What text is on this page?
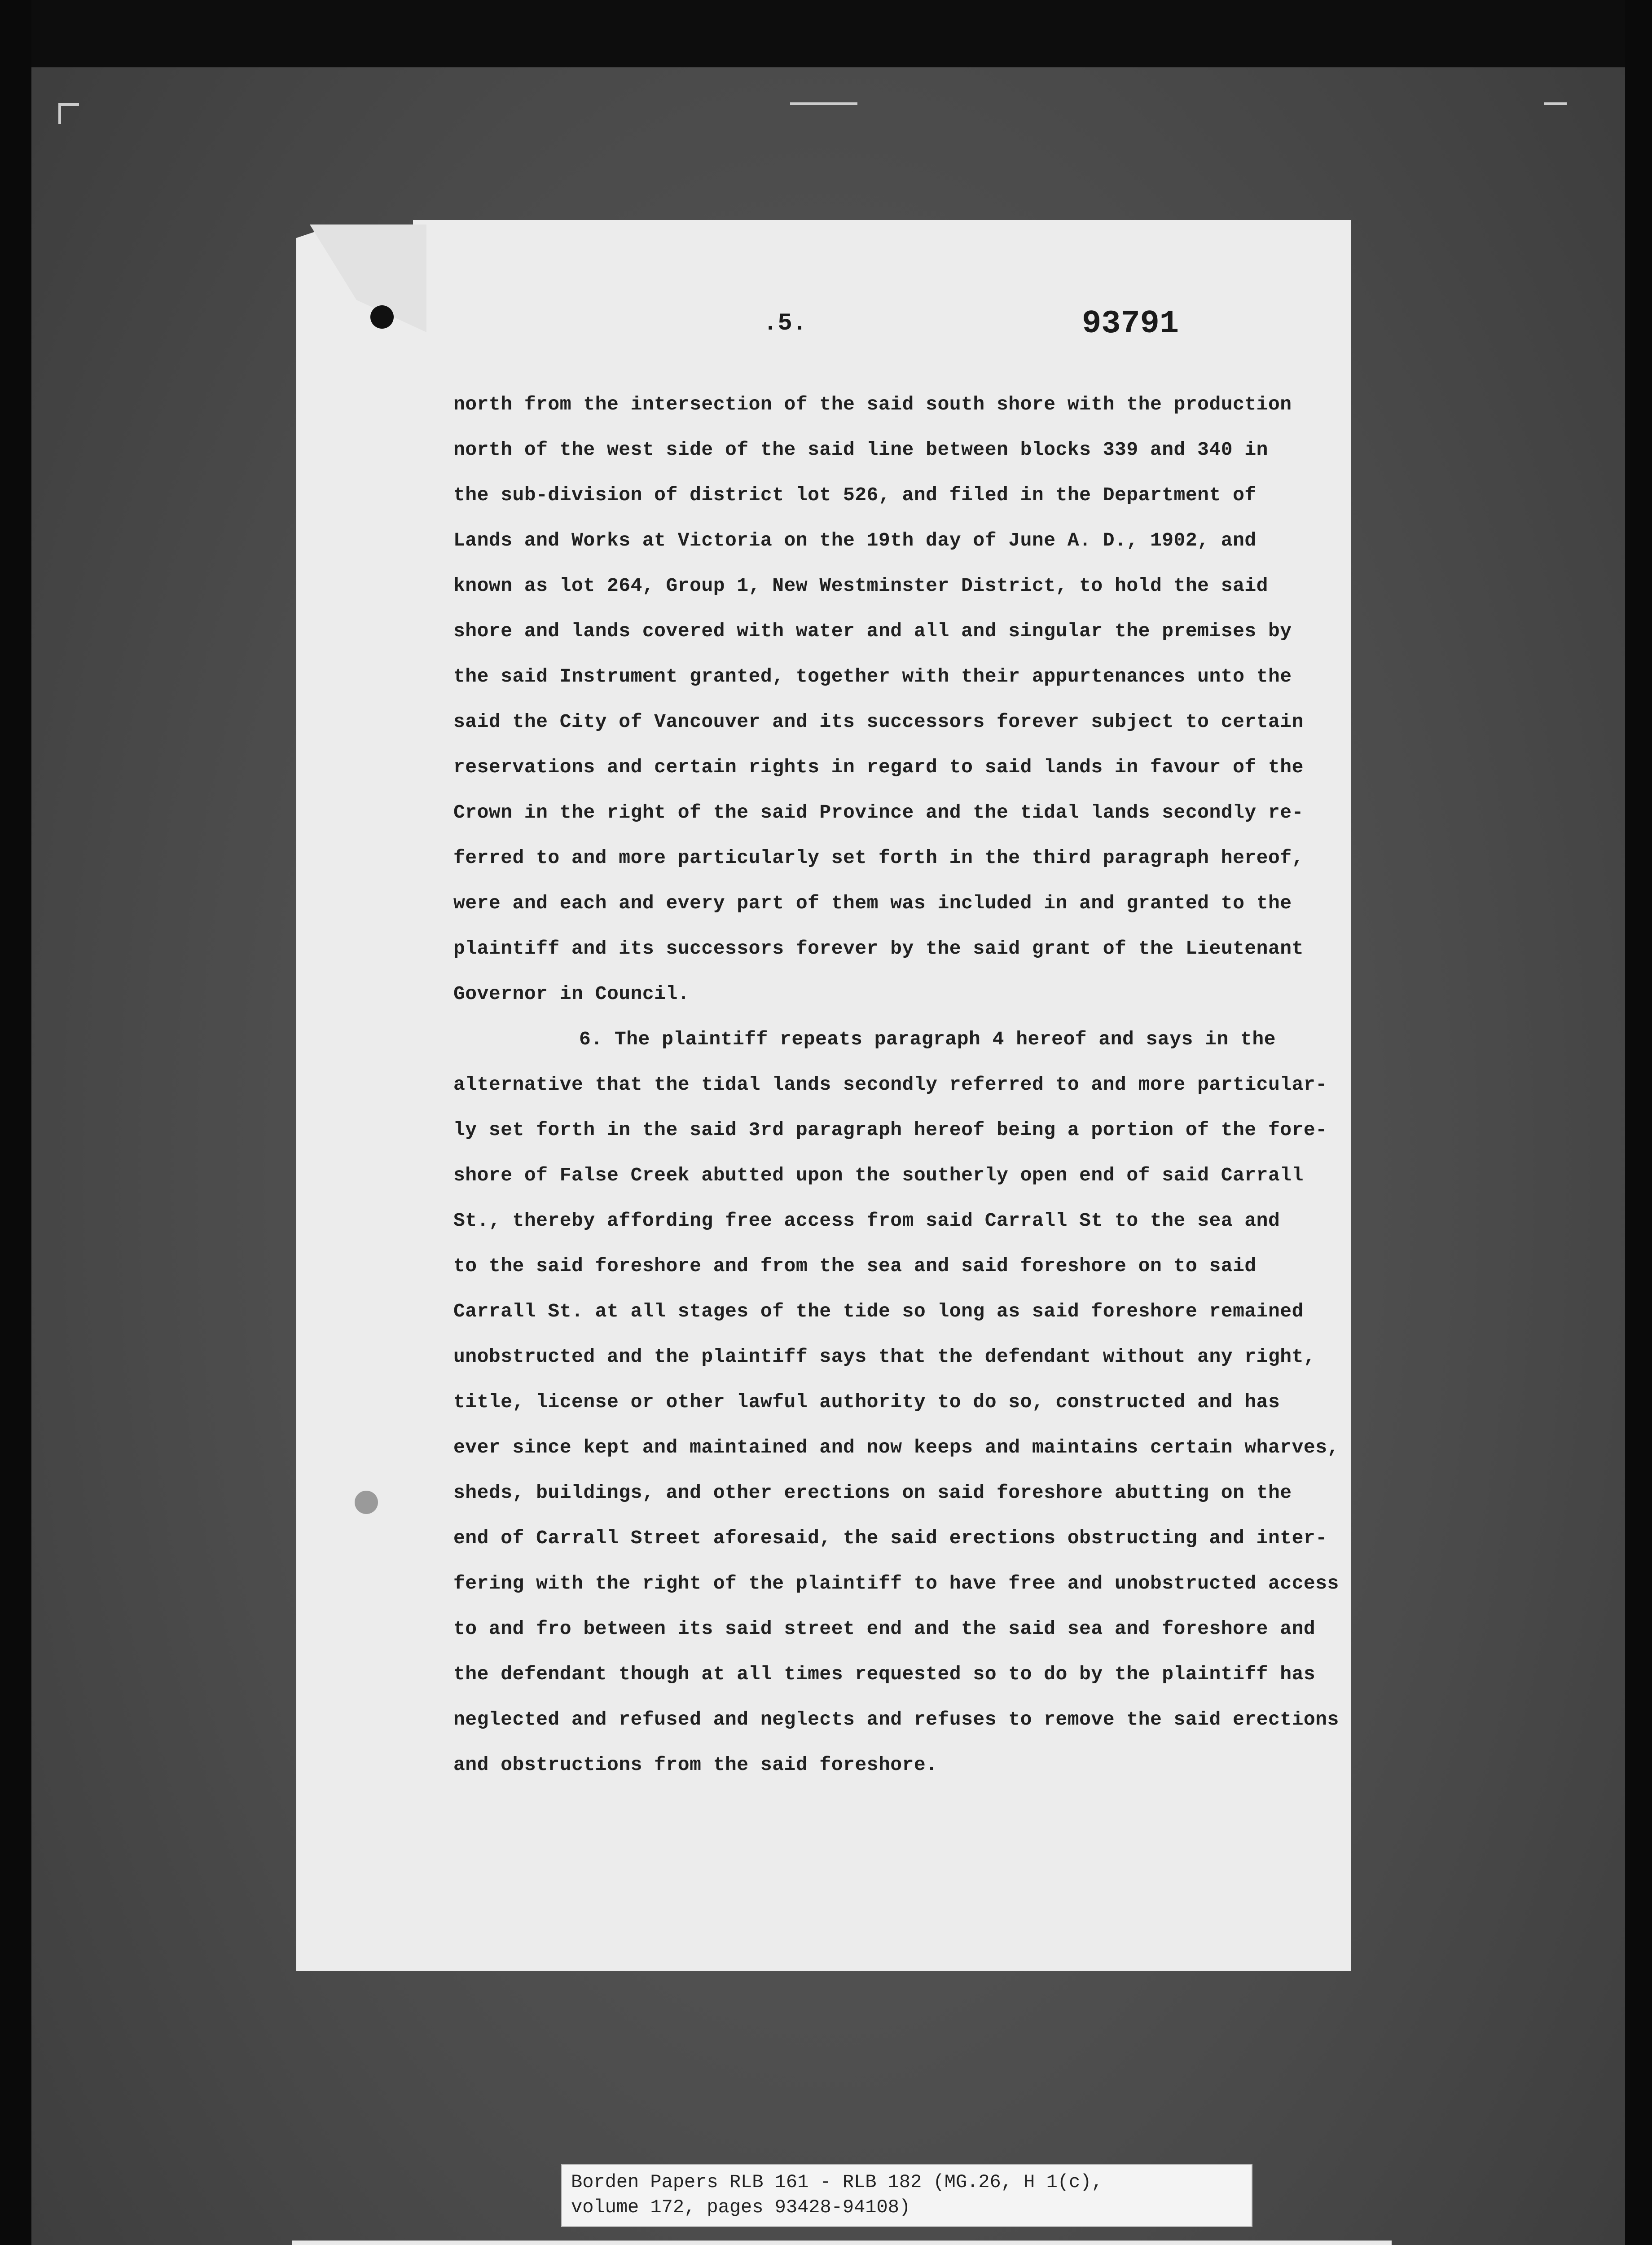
.5.	93791
north from the intersection of the said south shore with the production
north of the west side of the said line between blocks 339 and 340 in
the sub-division of district lot 526, and filed in the Department of
Lands and Works at Victoria on the 19th day of June A. D., 1902, and
known as lot 264, Group 1, New Westminster District, to hold the said
shore and lands covered with water and all and singular the premises by
the said Instrument granted, together with their appurtenances unto the
said the City of Vancouver and its successors forever subject to certain
reservations and certain rights in regard to said lands in favour of the
Crown in the right of the said Province and the tidal lands secondly re-
ferred to and more particularly set forth in the third paragraph hereof,
were and each and every part of them was included in and granted to the
plaintiff and its successors forever by the said grant of the Lieutenant
Governor in Council.
6. The plaintiff repeats paragraph 4 hereof and says in the
alternative that the tidal lands secondly referred to and more particular-
ly set forth in the said 3rd paragraph hereof being a portion of the fore-
shore of False Creek abutted upon the southerly open end of said Carrall
St., thereby affording free access from said Carrall St to the sea and
to the said foreshore and from the sea and said foreshore on to said
Carrall St. at all stages of the tide so long as said foreshore remained
unobstructed and the plaintiff says that the defendant without any right,
title, license or other lawful authority to do so, constructed and has
ever since kept and maintained and now keeps and maintains certain wharves,
sheds, buildings, and other erections on said foreshore abutting on the
end of Carrall Street aforesaid, the said erections obstructing and inter-
fering with the right of the plaintiff to have free and unobstructed access
to and fro between its said street end and the said sea and foreshore and
the defendant though at all times requested so to do by the plaintiff has
neglected and refused and neglects and refuses to remove the said erections
and obstructions from the said foreshore.
Borden Papers RLB 161 - RLB 182 (MG.26, H 1(c),
volume 172, pages 93428-94108)
